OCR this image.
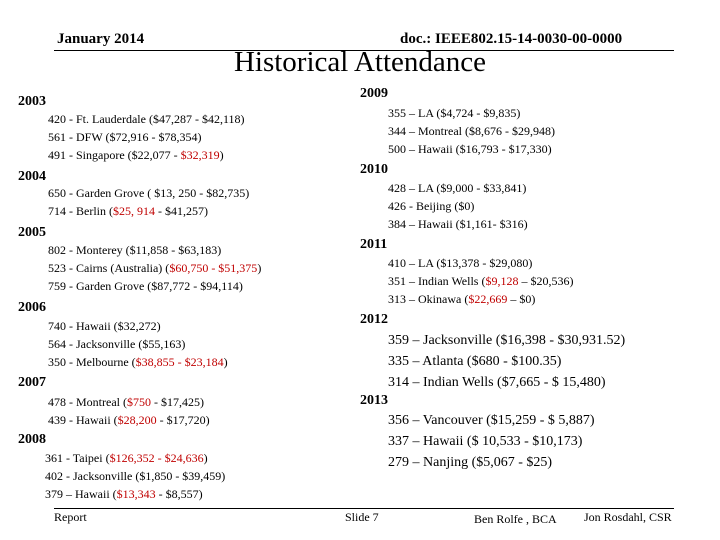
January 2014	doc.: IEEE802.15-14-0030-00-0000
Historical Attendance
2003
2004
2005
2006
2007
2008
420 - Ft. Lauderdale ($47,287 - $42,118)
561 - DFW ($72,916 - $78,354)
491 - Singapore ($22,077 - $32,319)
650 - Garden Grove ( $13, 250 - $82,735)
714 - Berlin ($25, 914 - $41,257)
802 - Monterey ($11,858 - $63,183)
523 - Cairns (Australia) ($60,750 - $51,375)
759 - Garden Grove ($87,772 - $94,114)
740 - Hawaii ($32,272)
564 - Jacksonville ($55,163)
350 - Melbourne ($38,855 - $23,184)
478 - Montreal ($750 - $17,425)
439 - Hawaii ($28,200 - $17,720)
361 - Taipei ($126,352 - $24,636)
402 - Jacksonville ($1,850 - $39,459)
379 – Hawaii ($13,343 - $8,557)
2009
2010
2011
2012
2013
355 – LA ($4,724 - $9,835)
344 – Montreal ($8,676 - $29,948)
500 – Hawaii ($16,793 - $17,330)
428 – LA ($9,000 - $33,841)
426 - Beijing ($0)
384 – Hawaii ($1,161- $316)
410 – LA ($13,378 - $29,080)
351 – Indian Wells ($9,128 – $20,536)
313 – Okinawa ($22,669 – $0)
359 – Jacksonville ($16,398 - $30,931.52)
335 – Atlanta ($680 - $100.35)
314 – Indian Wells ($7,665 - $ 15,480)
356 – Vancouver ($15,259 - $ 5,887)
337 – Hawaii ($ 10,533 - $10,173)
279 – Nanjing ($5,067 - $25)
Report	Slide 7	Ben Rolfe , BCA Jon Rosdahl, CSR
